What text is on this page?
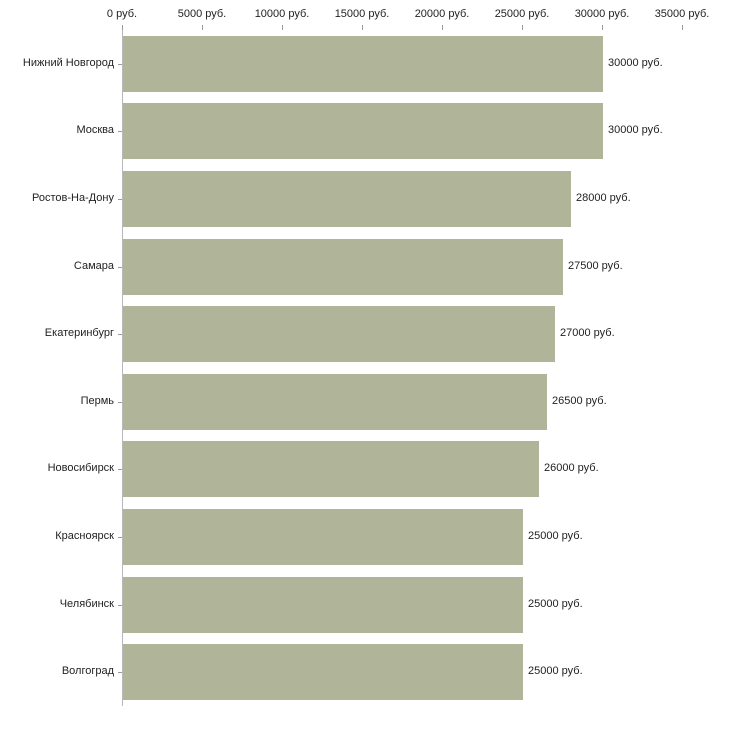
0 руб.	5000 руб.	10000 руб. 15000 руб. 20000 руб. 25000 руб. 30000 руб. 35000 руб.
Нижний Новгород	30000 руб.
Москва	30000 руб.
Ростов-На-Дону	28000 руб.
Самара	27500 руб.
Екатеринбург	27000 руб.
Пермь	26500 руб.
Новосибирск	26000 руб.
Красноярск	25000 руб.
Челябинск	25000 руб.
Волгоград	25000 руб.
